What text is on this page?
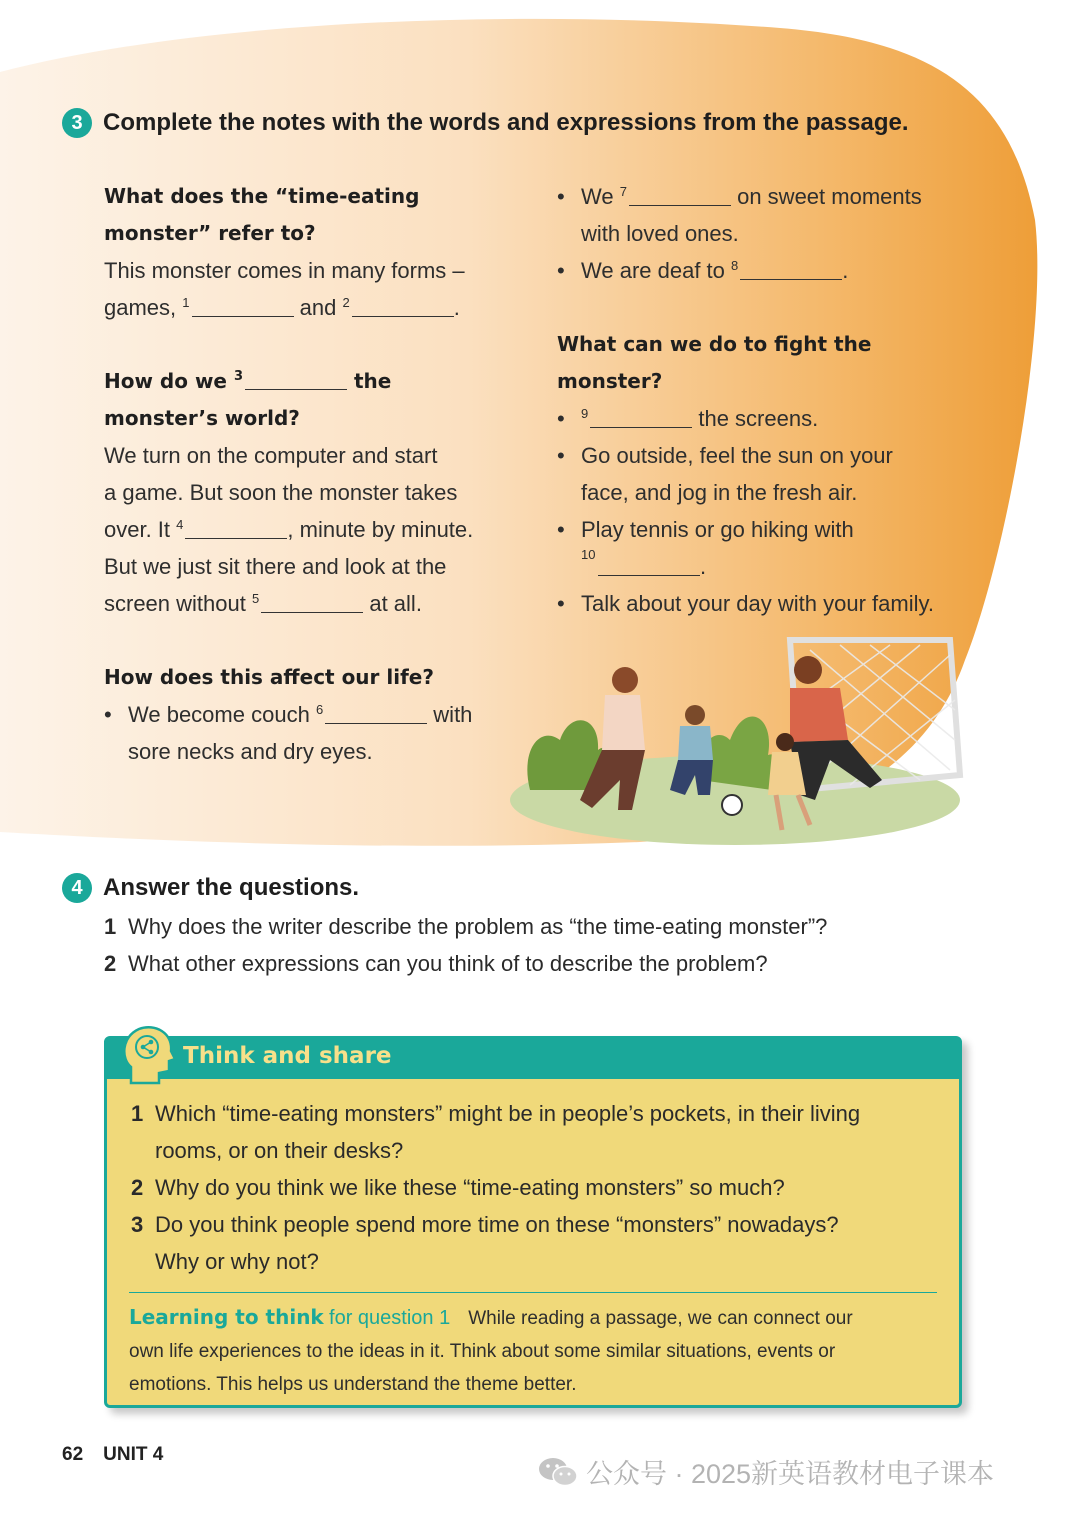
3 Complete the notes with the words and expressions from the passage.

What does the “time-eating

monster” refer to?

This monster comes in many forms –

games, $^1$	and $^2$	.

How do we $^3$	the

monster’s world?

We turn on the computer and start

a game. But soon the monster takes

over. It $^4$	, minute by minute.

But we just sit there and look at the

screen without $^5$	at all.

How does this affect our life?

• We become couch $^6$	with

sore necks and dry eyes.

• We $^7$	on sweet moments

with loved ones.

• We are deaf to $^8$	.

What can we do to fight the

monster?

•	$^9$	the screens.

• Go outside, feel the sun on your

face, and jog in the fresh air.

• Play tennis or go hiking with

10	.
• Talk about your day with your family.

4 Answer the questions.
1 Why does the writer describe the problem as “the time-eating monster”?
2 What other expressions can you think of to describe the problem?
Think and share
1 Which “time-eating monsters” might be in people’s pockets, in their living
rooms, or on their desks?
2 Why do you think we like these “time-eating monsters” so much?
3 Do you think people spend more time on these “monsters” nowadays?
Why or why not?
Learning to think for question 1 While reading a passage, we can connect our
own life experiences to the ideas in it. Think about some similar situations, events or
emotions. This helps us understand the theme better.
62 UNIT 4
公众号 · 2025新英语教材电子课本
